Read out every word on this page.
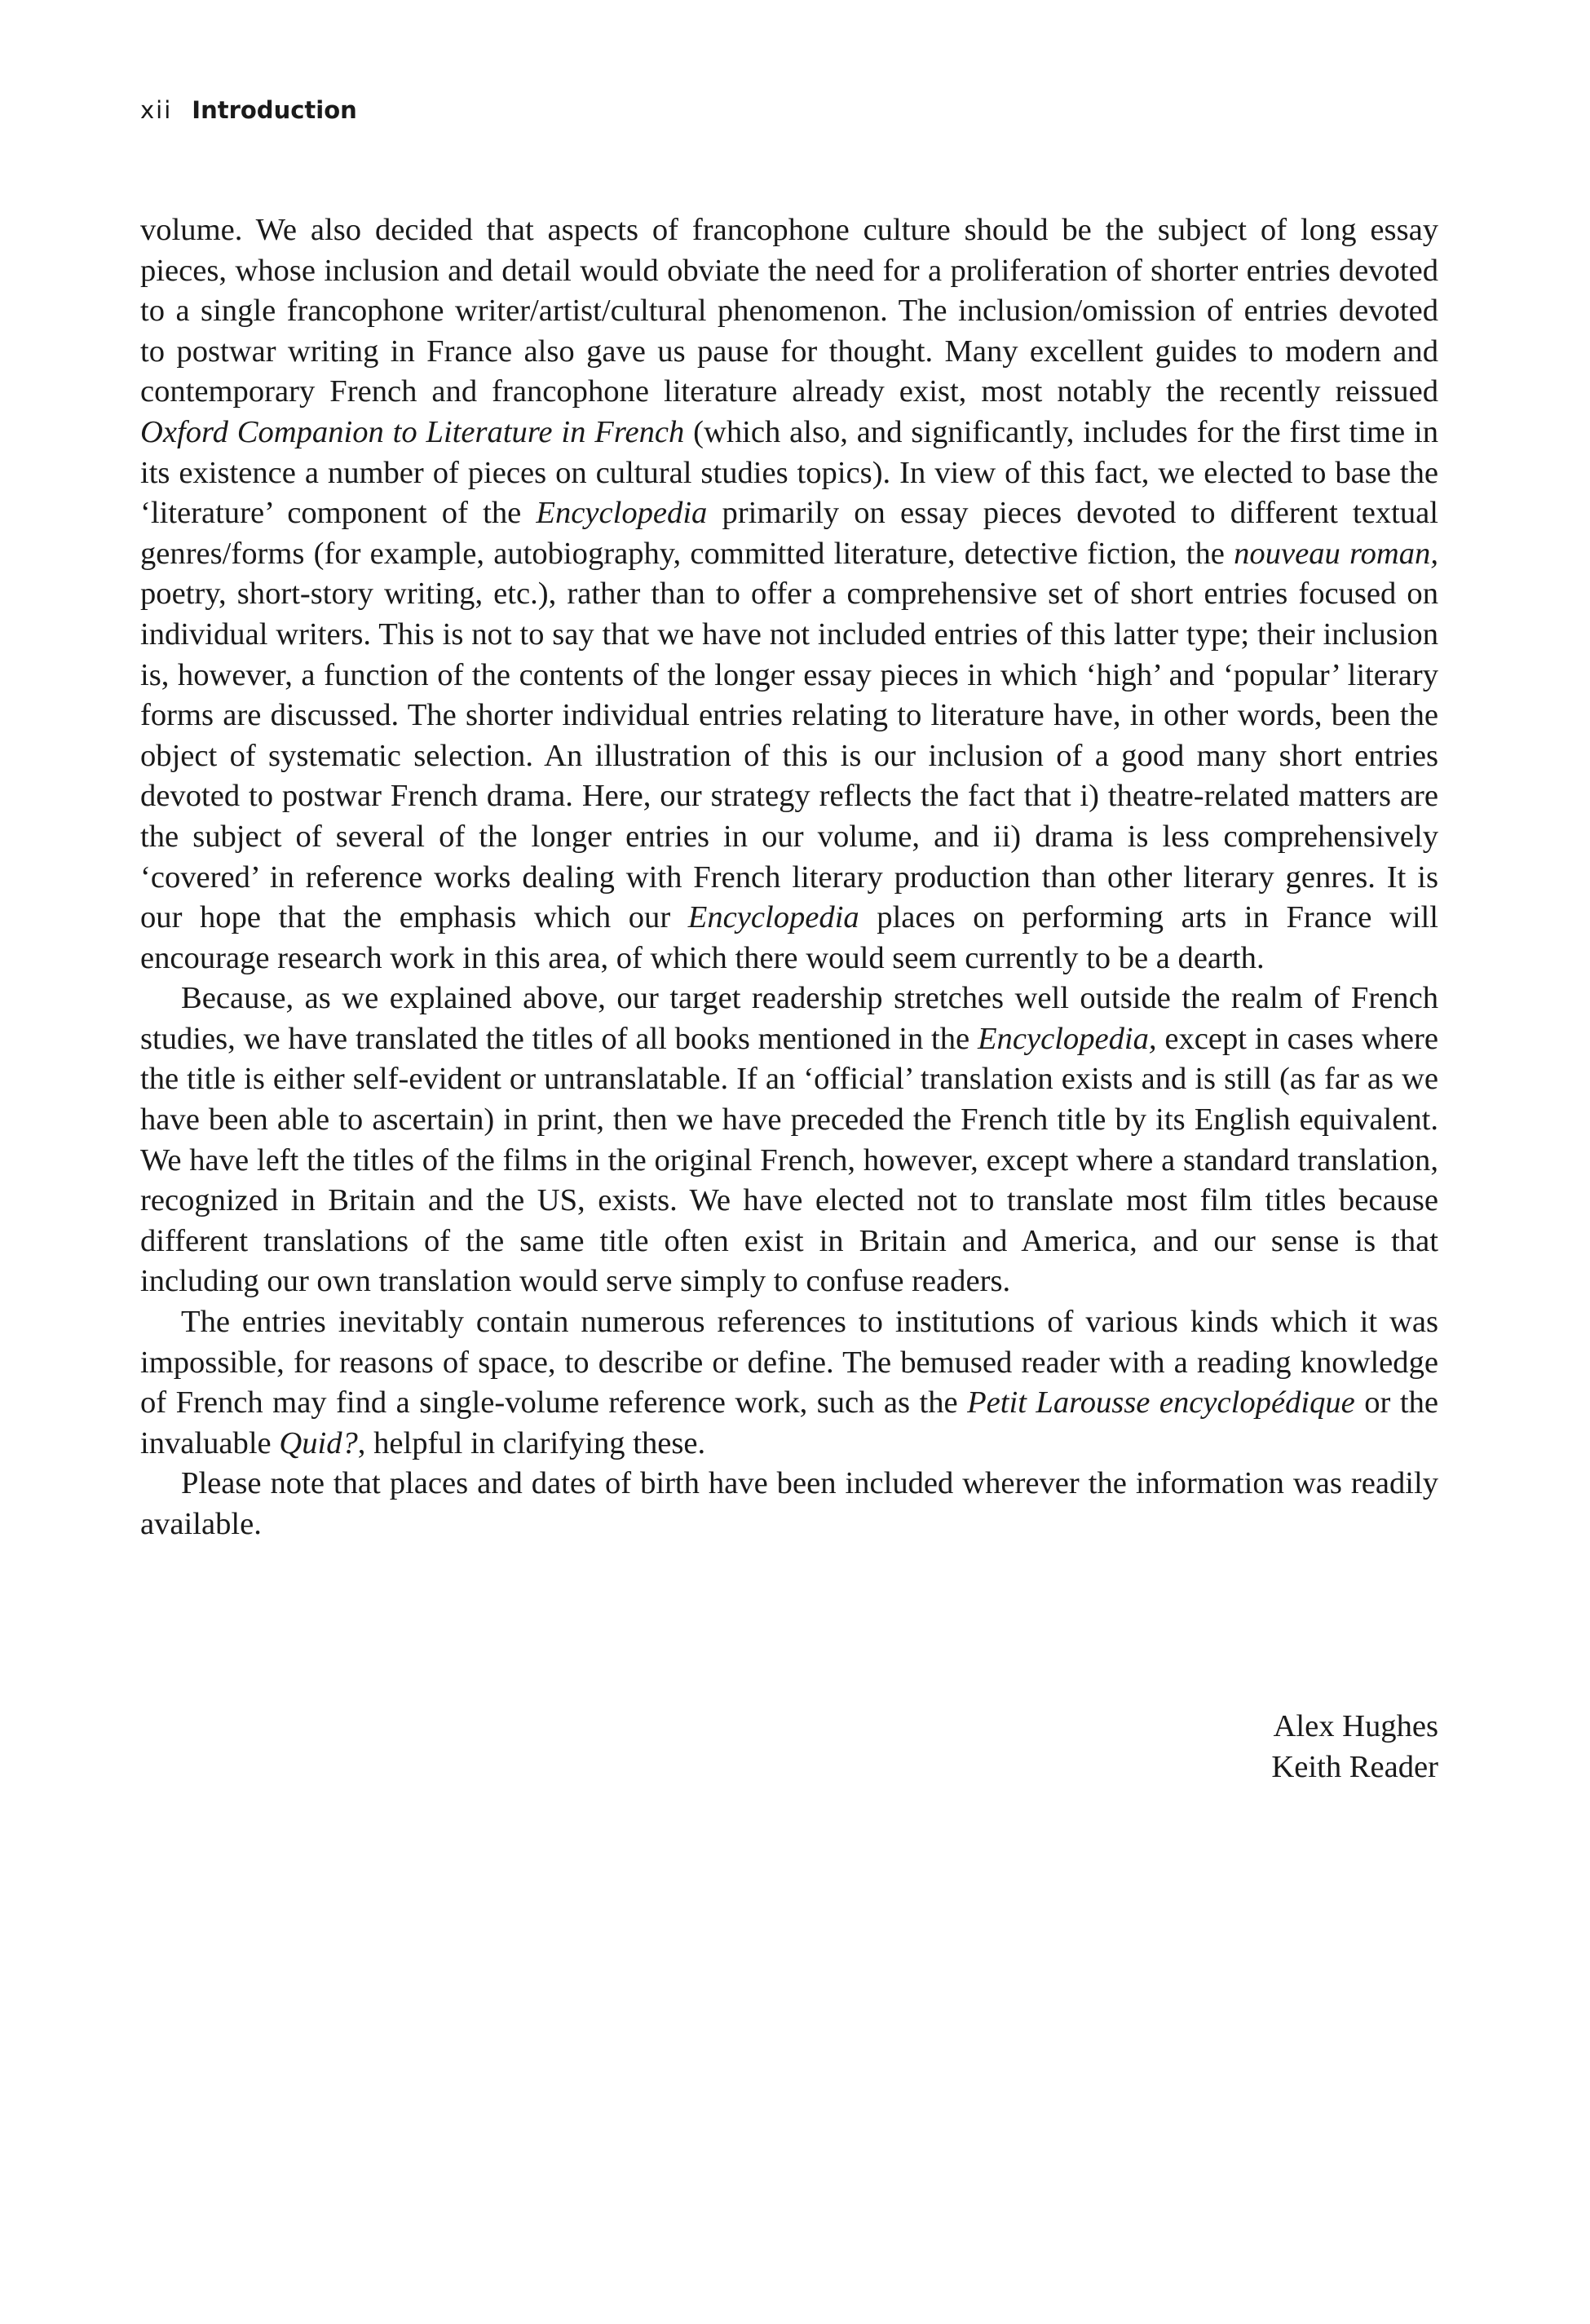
xii Introduction

volume. We also decided that aspects of francophone culture should be the subject of long essay pieces, whose inclusion and detail would obviate the need for a proliferation of shorter entries devoted to a single francophone writer/artist/cultural phenomenon. The inclusion/omission of entries devoted to postwar writing in France also gave us pause for thought. Many excellent guides to modern and contemporary French and francophone literature already exist, most notably the recently reissued Oxford Companion to Literature in French (which also, and significantly, includes for the first time in its existence a number of pieces on cultural studies topics). In view of this fact, we elected to base the ‘literature’ component of the Encyclopedia primarily on essay pieces devoted to different textual genres/forms (for example, autobiography, committed literature, detective fiction, the nouveau roman, poetry, short-story writing, etc.), rather than to offer a comprehensive set of short entries focused on individual writers. This is not to say that we have not included entries of this latter type; their inclusion is, however, a function of the contents of the longer essay pieces in which ‘high’ and ‘popular’ literary forms are discussed. The shorter individual entries relating to literature have, in other words, been the object of systematic selection. An illustration of this is our inclusion of a good many short entries devoted to postwar French drama. Here, our strategy reflects the fact that i) theatre-related matters are the subject of several of the longer entries in our volume, and ii) drama is less comprehensively ‘covered’ in reference works dealing with French literary production than other literary genres. It is our hope that the emphasis which our Encyclopedia places on performing arts in France will encourage research work in this area, of which there would seem currently to be a dearth.

Because, as we explained above, our target readership stretches well outside the realm of French studies, we have translated the titles of all books mentioned in the Encyclopedia, except in cases where the title is either self-evident or untranslatable. If an ‘official’ translation exists and is still (as far as we have been able to ascertain) in print, then we have preceded the French title by its English equivalent. We have left the titles of the films in the original French, however, except where a standard translation, recognized in Britain and the US, exists. We have elected not to translate most film titles because different translations of the same title often exist in Britain and America, and our sense is that including our own translation would serve simply to confuse readers.

The entries inevitably contain numerous references to institutions of various kinds which it was impossible, for reasons of space, to describe or define. The bemused reader with a reading knowledge of French may find a single-volume reference work, such as the Petit Larousse encyclopédique or the invaluable Quid?, helpful in clarifying these.

Please note that places and dates of birth have been included wherever the information was readily available.

Alex Hughes
Keith Reader
